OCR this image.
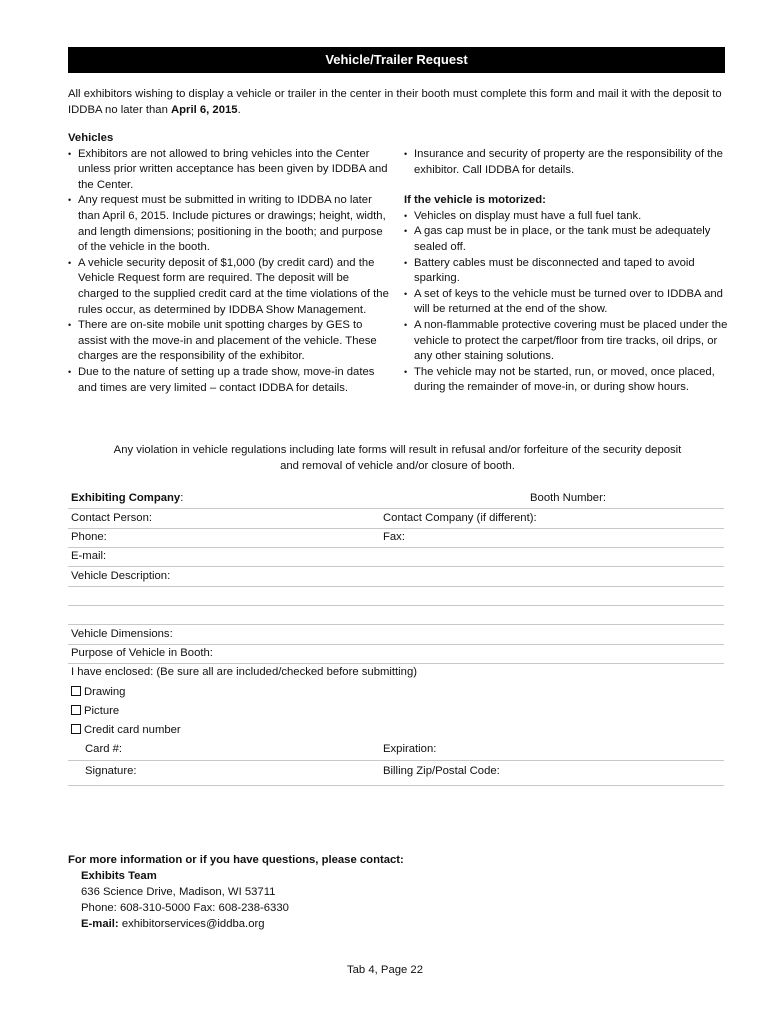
Vehicle/Trailer Request
All exhibitors wishing to display a vehicle or trailer in the center in their booth must complete this form and mail it with the deposit to IDDBA no later than April 6, 2015.
Vehicles
• Exhibitors are not allowed to bring vehicles into the Center unless prior written acceptance has been given by IDDBA and the Center.
• Any request must be submitted in writing to IDDBA no later than April 6, 2015. Include pictures or drawings; height, width, and length dimensions; positioning in the booth; and purpose of the vehicle in the booth.
• A vehicle security deposit of $1,000 (by credit card) and the Vehicle Request form are required. The deposit will be charged to the supplied credit card at the time violations of the rules occur, as determined by IDDBA Show Management.
• There are on-site mobile unit spotting charges by GES to assist with the move-in and placement of the vehicle. These charges are the responsibility of the exhibitor.
• Due to the nature of setting up a trade show, move-in dates and times are very limited – contact IDDBA for details.
• Insurance and security of property are the responsibility of the exhibitor. Call IDDBA for details.
If the vehicle is motorized:
• Vehicles on display must have a full fuel tank.
• A gas cap must be in place, or the tank must be adequately sealed off.
• Battery cables must be disconnected and taped to avoid sparking.
• A set of keys to the vehicle must be turned over to IDDBA and will be returned at the end of the show.
• A non-flammable protective covering must be placed under the vehicle to protect the carpet/floor from tire tracks, oil drips, or any other staining solutions.
• The vehicle may not be started, run, or moved, once placed, during the remainder of move-in, or during show hours.
Any violation in vehicle regulations including late forms will result in refusal and/or forfeiture of the security deposit and removal of vehicle and/or closure of booth.
Exhibiting Company:	Booth Number:
Contact Person:	Contact Company (if different):
Phone:	Fax:
E-mail:
Vehicle Description:
Vehicle Dimensions:
Purpose of Vehicle in Booth:
I have enclosed: (Be sure all are included/checked before submitting)
Drawing
Picture
Credit card number
Card #:	Expiration:
Signature:	Billing Zip/Postal Code:
For more information or if you have questions, please contact:
Exhibits Team
636 Science Drive, Madison, WI 53711
Phone: 608-310-5000 Fax: 608-238-6330
E-mail: exhibitorservices@iddba.org
Tab 4, Page 22
